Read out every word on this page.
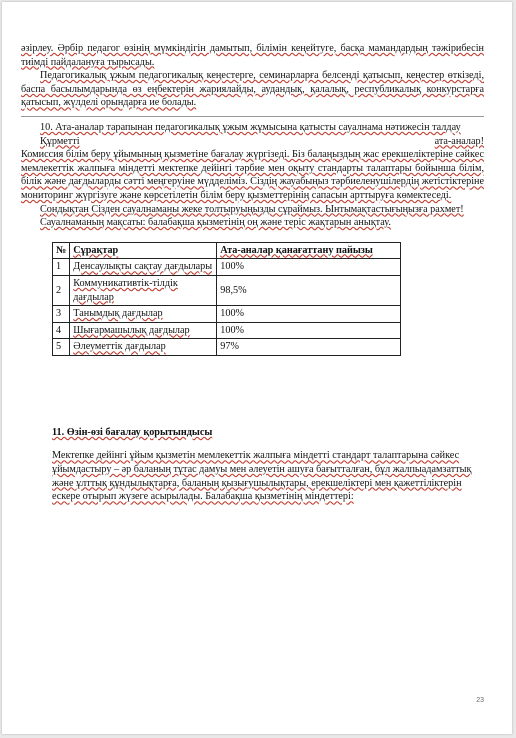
әзірлеу. Әрбір педагог өзінің мүмкіндігін дамытып, білімін кеңейтуге, басқа мамандардың тәжірибесін тиімді пайдалануға тырысады.

Педагогикалық ұжым педагогикалық кеңестерге, семинарларға белсенді қатысып, кеңестер өткізеді, баспа басылымдарында өз еңбектерін жариялайды, аудандық, қалалық, республикалық конкурстарға қатысып, жүлделі орындарға ие болады.

10. Ата-аналар тарапынан педагогикалық ұжым жұмысына қатысты сауалнама нәтижесін талдау

Құрметті	ата-аналар!

Комиссия білім беру ұйымының қызметіне бағалау жүргізеді. Біз балаңыздың жас ерекшеліктеріне сәйкес мемлекеттік жалпыға міндетті мектепке дейінгі тәрбие мен оқыту стандарты талаптары бойынша білім, білік және дағдыларды сәтті меңгеруіне мүдделіміз. Сіздің жауабыңыз тәрбиеленушілердің жетістіктеріне мониторинг жүргізуге және көрсетілетін білім беру қызметтерінің сапасын арттыруға көмектеседі.

Сондықтан Сізден сауалнаманы жеке толтыруыңызды сұраймыз. Ынтымақтастығыңызға рахмет!

Сауалнаманың мақсаты: балабақша қызметінің оң және теріс жақтарын анықтау.

№	Сұрақтар	Ата-аналар қанағаттану пайызы
1	Денсаулықты сақтау дағдылары	100%
2	Коммуникативтік-тілдік дағдылар	98,5%
3	Танымдық дағдылар	100%
4	Шығармашылық дағдылар	100%
5	Әлеуметтік дағдылар	97%

11. Өзін-өзі бағалау қорытындысы

Мектепке дейінгі ұйым қызметін мемлекеттік жалпыға міндетті стандарт талаптарына сәйкес ұйымдастыру – әр баланың тұтас дамуы мен әлеуетін ашуға бағытталған, бұл жалпыадамзаттық және ұлттық құндылықтарға, баланың қызығушылықтары, ерекшеліктері мен қажеттіліктерін ескере отырып жүзеге асырылады. Балабақша қызметінің міндеттері:

23
